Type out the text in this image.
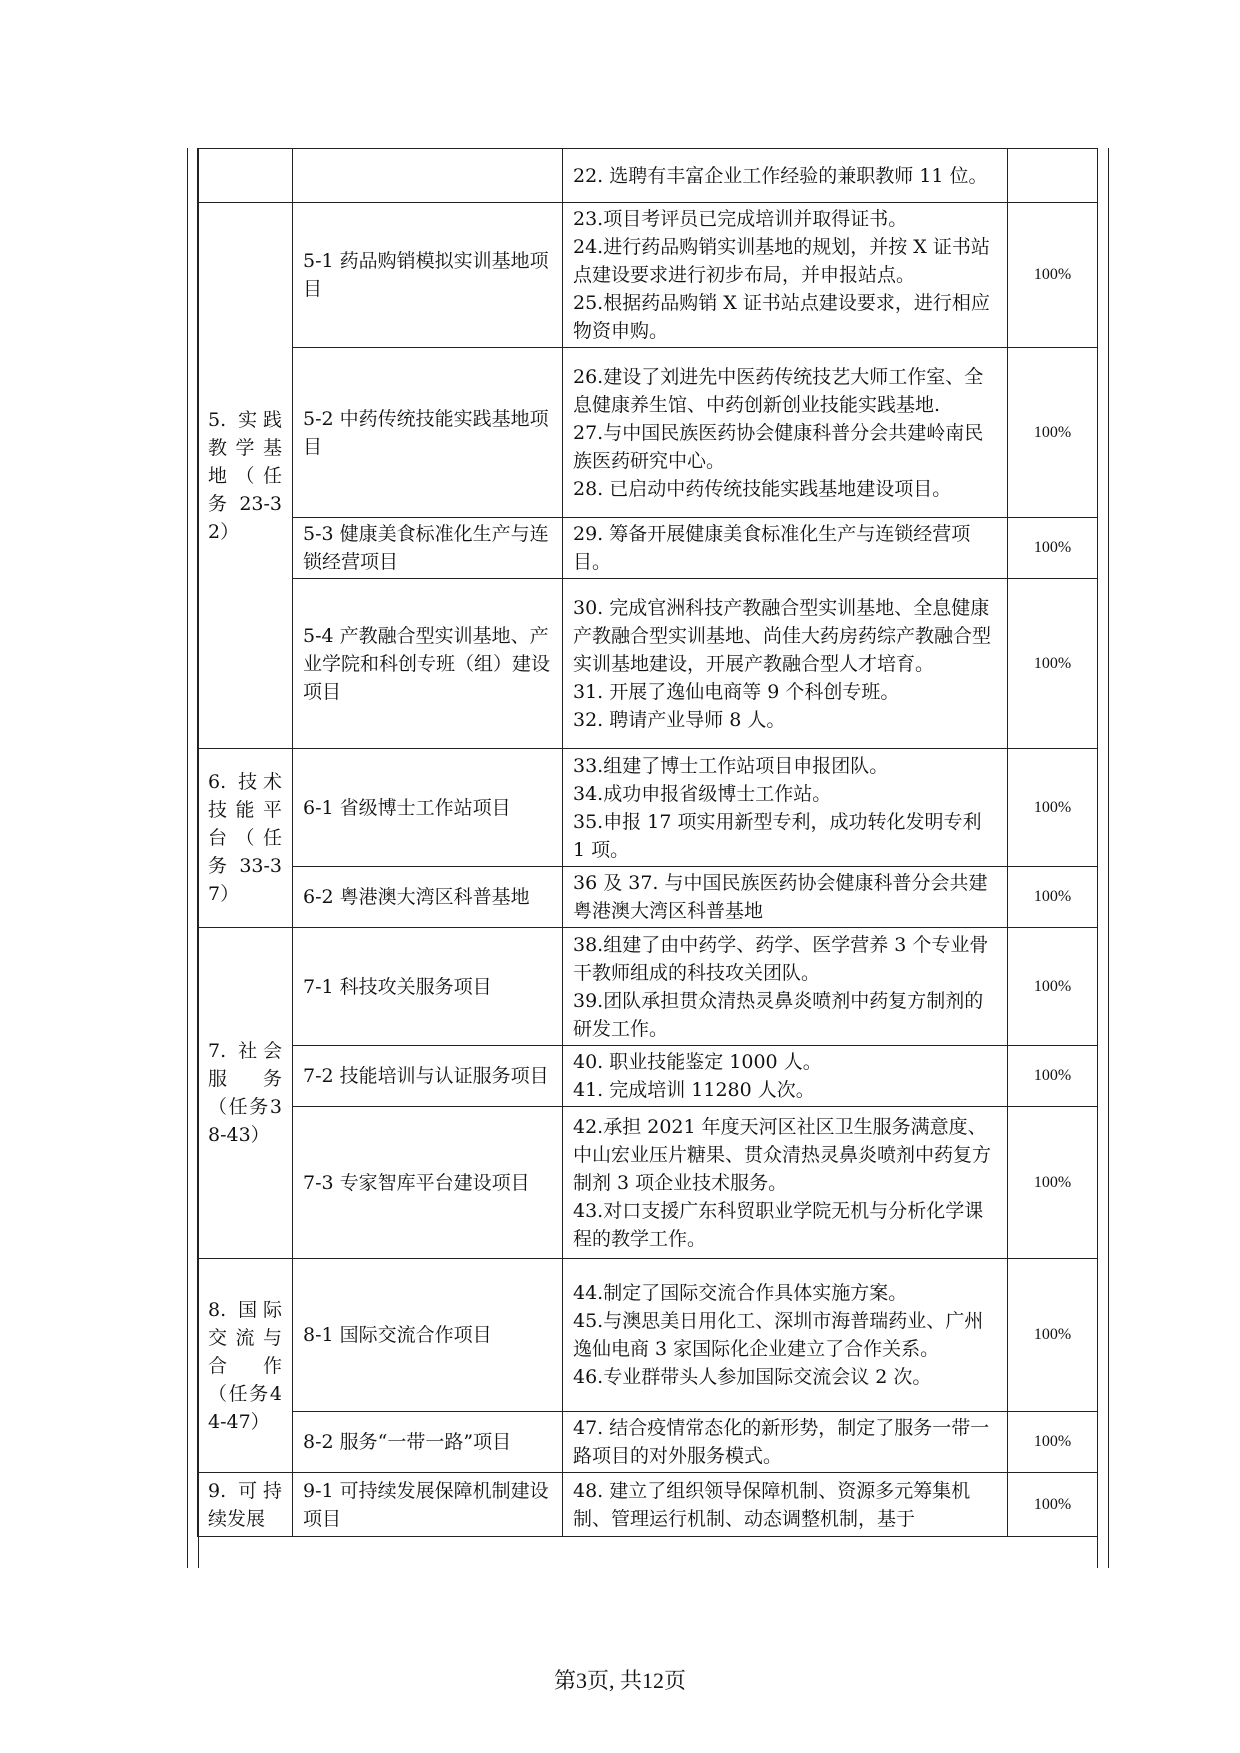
		22. 选聘有丰富企业工作经验的兼职教师 11 位。	

5. 实践教学基地（任务23-32）	5-1 药品购销模拟实训基地项目	23.项目考评员已完成培训并取得证书。
24.进行药品购销实训基地的规划，并按 X 证书站点建设要求进行初步布局，并申报站点。
25.根据药品购销 X 证书站点建设要求，进行相应物资申购。	100%
	5-2 中药传统技能实践基地项目	26.建设了刘进先中医药传统技艺大师工作室、全息健康养生馆、中药创新创业技能实践基地.
27.与中国民族医药协会健康科普分会共建岭南民族医药研究中心。
28. 已启动中药传统技能实践基地建设项目。	100%
	5-3 健康美食标准化生产与连锁经营项目	29. 筹备开展健康美食标准化生产与连锁经营项目。	100%
	5-4 产教融合型实训基地、产业学院和科创专班（组）建设项目	30. 完成官洲科技产教融合型实训基地、全息健康产教融合型实训基地、尚佳大药房药综产教融合型实训基地建设，开展产教融合型人才培育。
31. 开展了逸仙电商等 9 个科创专班。
32. 聘请产业导师 8 人。	100%
6. 技术技能平台（任务33-37）	6-1 省级博士工作站项目	33.组建了博士工作站项目申报团队。
34.成功申报省级博士工作站。
35.申报 17 项实用新型专利，成功转化发明专利 1 项。	100%
	6-2 粤港澳大湾区科普基地	36 及 37. 与中国民族医药协会健康科普分会共建粤港澳大湾区科普基地	100%
7. 社会服务（任务38-43）	7-1 科技攻关服务项目	38.组建了由中药学、药学、医学营养 3 个专业骨干教师组成的科技攻关团队。
39.团队承担贯众清热灵鼻炎喷剂中药复方制剂的研发工作。	100%
	7-2 技能培训与认证服务项目	40. 职业技能鉴定 1000 人。
41. 完成培训 11280 人次。	100%
	7-3 专家智库平台建设项目	42.承担 2021 年度天河区社区卫生服务满意度、中山宏业压片糖果、贯众清热灵鼻炎喷剂中药复方制剂 3 项企业技术服务。
43.对口支援广东科贸职业学院无机与分析化学课程的教学工作。	100%
8. 国际交流与合作（任务44-47）	8-1 国际交流合作项目	44.制定了国际交流合作具体实施方案。
45.与澳思美日用化工、深圳市海普瑞药业、广州逸仙电商 3 家国际化企业建立了合作关系。
46.专业群带头人参加国际交流会议 2 次。	100%
	8-2 服务“一带一路”项目	47. 结合疫情常态化的新形势，制定了服务一带一路项目的对外服务模式。	100%
9. 可持续发展	9-1 可持续发展保障机制建设项目	48. 建立了组织领导保障机制、资源多元筹集机制、管理运行机制、动态调整机制，基于	100%
第3页, 共12页
